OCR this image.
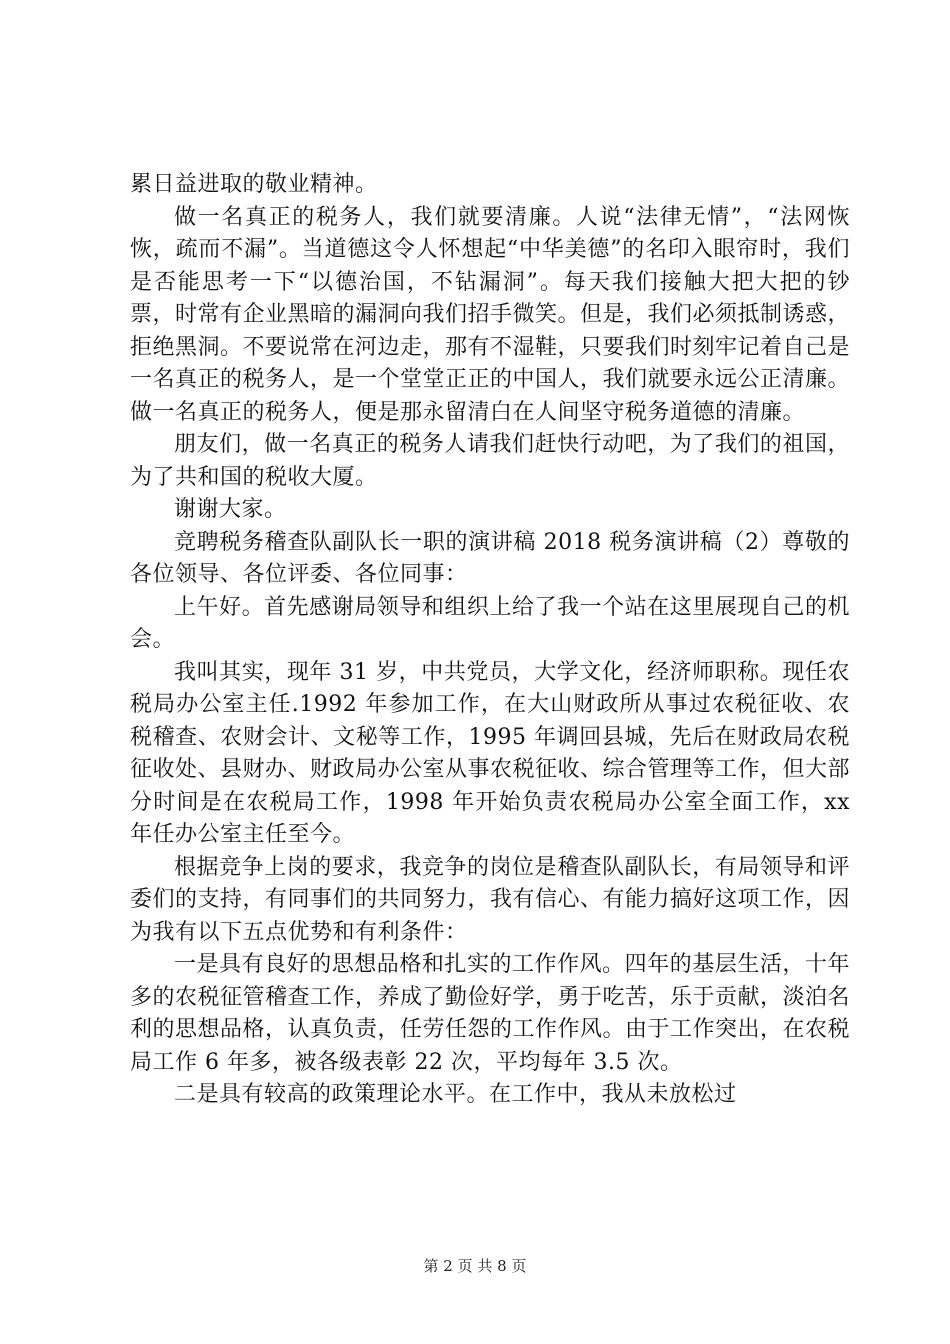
累日益进取的敬业精神。

做一名真正的税务人，我们就要清廉。人说“法律无情”，“法网恢恢，疏而不漏”。当道德这令人怀想起“中华美德”的名印入眼帘时，我们是否能思考一下“以德治国，不钻漏洞”。每天我们接触大把大把的钞票，时常有企业黑暗的漏洞向我们招手微笑。但是，我们必须抵制诱惑，拒绝黑洞。不要说常在河边走，那有不湿鞋，只要我们时刻牢记着自己是一名真正的税务人，是一个堂堂正正的中国人，我们就要永远公正清廉。做一名真正的税务人，便是那永留清白在人间坚守税务道德的清廉。

朋友们，做一名真正的税务人请我们赶快行动吧，为了我们的祖国，为了共和国的税收大厦。

谢谢大家。

竞聘税务稽查队副队长一职的演讲稿 2018 税务演讲稿（2）尊敬的各位领导、各位评委、各位同事：

上午好。首先感谢局领导和组织上给了我一个站在这里展现自己的机会。

我叫其实，现年 31 岁，中共党员，大学文化，经济师职称。现任农税局办公室主任.1992 年参加工作，在大山财政所从事过农税征收、农税稽查、农财会计、文秘等工作，1995 年调回县城，先后在财政局农税征收处、县财办、财政局办公室从事农税征收、综合管理等工作，但大部分时间是在农税局工作，1998 年开始负责农税局办公室全面工作，xx 年任办公室主任至今。

根据竞争上岗的要求，我竞争的岗位是稽查队副队长，有局领导和评委们的支持，有同事们的共同努力，我有信心、有能力搞好这项工作，因为我有以下五点优势和有利条件：

一是具有良好的思想品格和扎实的工作作风。四年的基层生活，十年多的农税征管稽查工作，养成了勤俭好学，勇于吃苦，乐于贡献，淡泊名利的思想品格，认真负责，任劳任怨的工作作风。由于工作突出，在农税局工作 6 年多，被各级表彰 22 次，平均每年 3.5 次。

二是具有较高的政策理论水平。在工作中，我从未放松过

第 2 页 共 8 页
